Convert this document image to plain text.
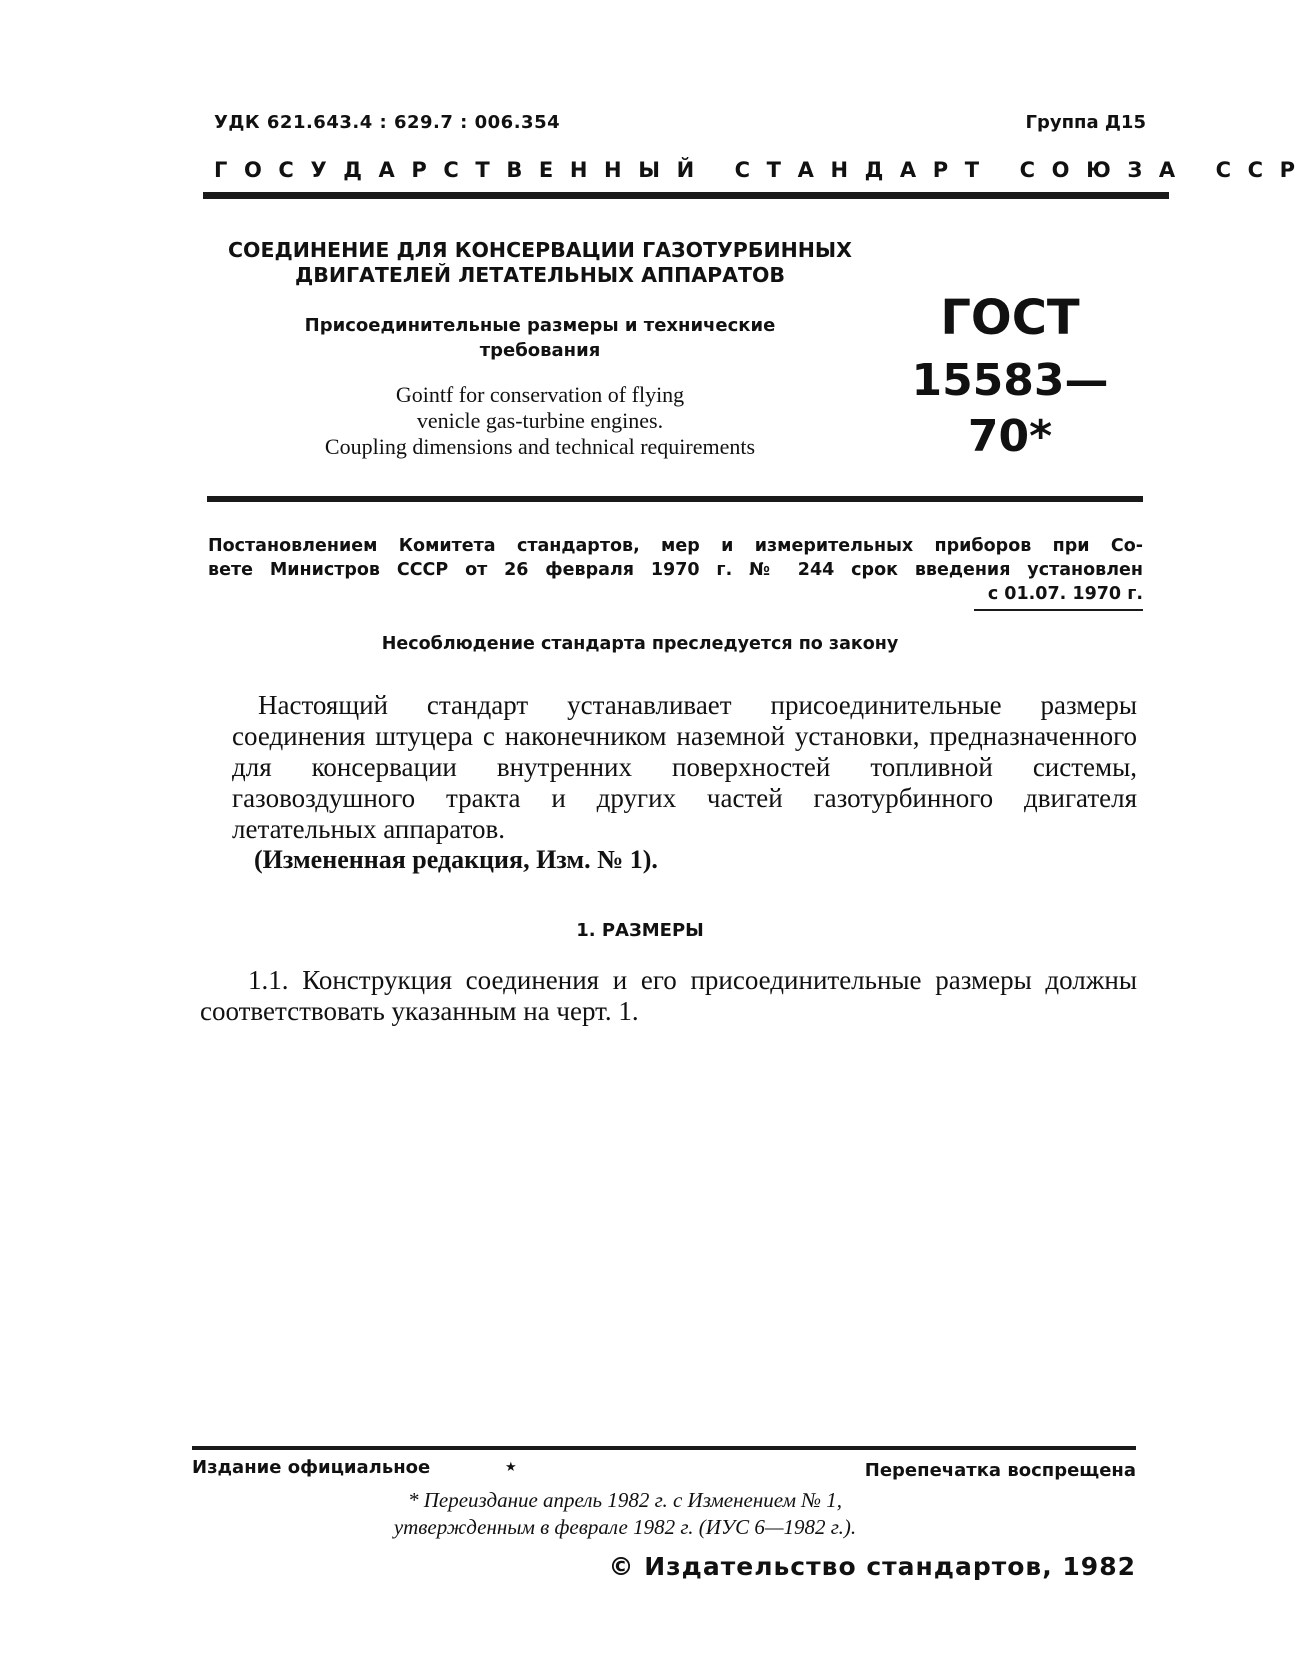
УДК 621.643.4 : 629.7 : 006.354	Группа Д15
ГОСУДАРСТВЕННЫЙ СТАНДАРТ СОЮЗА ССР
СОЕДИНЕНИЕ ДЛЯ КОНСЕРВАЦИИ ГАЗОТУРБИННЫХ
ДВИГАТЕЛЕЙ ЛЕТАТЕЛЬНЫХ АППАРАТОВ
Присоединительные размеры и технические
требования
Gointf for conservation of flying
venicle gas-turbine engines.
Coupling dimensions and technical requirements
ГОСТ
15583—70*
Постановлением Комитета стандартов, мер и измерительных приборов при Со-
вете Министров СССР от 26 февраля 1970 г. № 244 срок введения установлен
с 01.07. 1970 г.
Несоблюдение стандарта преследуется по закону
Настоящий стандарт устанавливает присоединительные размеры соединения штуцера с наконечником наземной установки, предназначенного для консервации внутренних поверхностей топливной системы, газовоздушного тракта и других частей газотурбинного двигателя летательных аппаратов.
(Измененная редакция, Изм. № 1).
1. РАЗМЕРЫ
1.1. Конструкция соединения и его присоединительные размеры должны соответствовать указанным на черт. 1.
Издание официальное	★	Перепечатка воспрещена
* Переиздание апрель 1982 г. с Изменением № 1,
утвержденным в феврале 1982 г. (ИУС 6—1982 г.).
© Издательство стандартов, 1982
